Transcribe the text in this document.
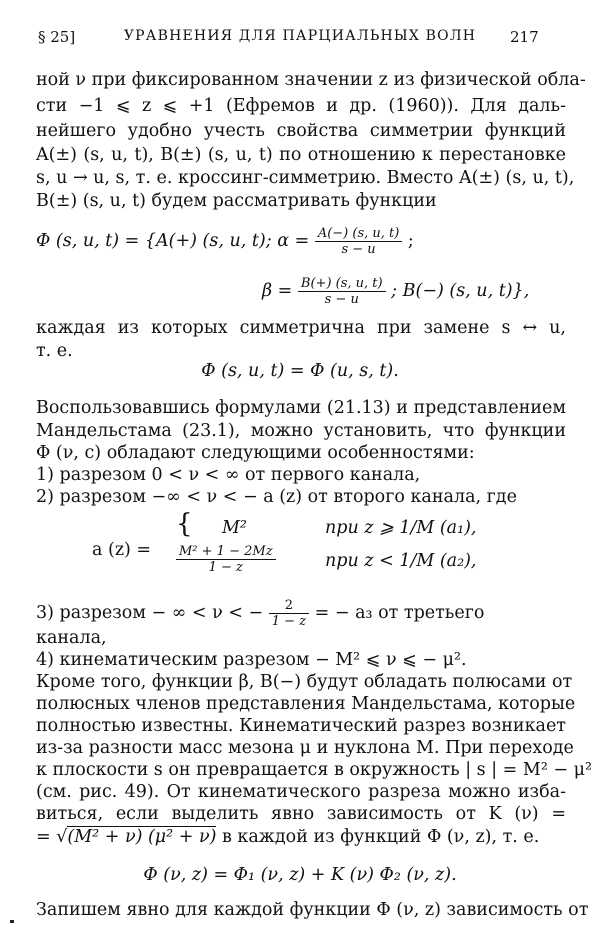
§ 25]	УРАВНЕНИЯ ДЛЯ ПАРЦИАЛЬНЫХ ВОЛН	217
ной ν при фиксированном значении z из физической обла-
сти −1 ⩽ z ⩽ +1 (Ефремов и др. (1960)). Для даль-
нейшего удобно учесть свойства симметрии функций
A(±) (s, u, t), B(±) (s, u, t) по отношению к перестановке
s, u → u, s, т. е. кроссинг-симметрию. Вместо A(±) (s, u, t),
B(±) (s, u, t) будем рассматривать функции
Φ (s, u, t) = {A(+) (s, u, t); $\alpha = \frac{A(-) (s, u, t)}{s - u}$ ;
$\beta = \frac{B(+) (s, u, t)}{s - u}$ ; B(−) (s, u, t)},
каждая из которых симметрична при замене s ↔ u,
т. е.
Φ (s, u, t) = Φ (u, s, t).
Воспользовавшись формулами (21.13) и представлением
Мандельстама (23.1), можно установить, что функции
Φ (ν, c) обладают следующими особенностями:
1) разрезом 0 < ν < ∞ от первого канала,
2) разрезом −∞ < ν < − a (z) от второго канала, где
a (z) =
{ M²	при z ⩾ 1/M (a₁),
$\frac{\text{M² + 1 − 2Mz}}{1 - z}$	при z < 1/M (a₂),
3) разрезом − ∞ < ν < − $\frac{2}{1 - z}$ = − a₃ от третьего
канала,
4) кинематическим разрезом − M² ⩽ ν ⩽ − μ².
Кроме того, функции β, B(−) будут обладать полюсами от
полюсных членов представления Мандельстама, которые
полностью известны. Кинематический разрез возникает
из-за разности масс мезона μ и нуклона M. При переходе
к плоскости s он превращается в окружность | s | = M² − μ²
(см. рис. 49). От кинематического разреза можно изба-
виться, если выделить явно зависимость от K (ν) =
= √(M² + ν) (μ² + ν) в каждой из функций Φ (ν, z), т. е.
Φ (ν, z) = Φ₁ (ν, z) + K (ν) Φ₂ (ν, z).
Запишем явно для каждой функции Φ (ν, z) зависимость от
